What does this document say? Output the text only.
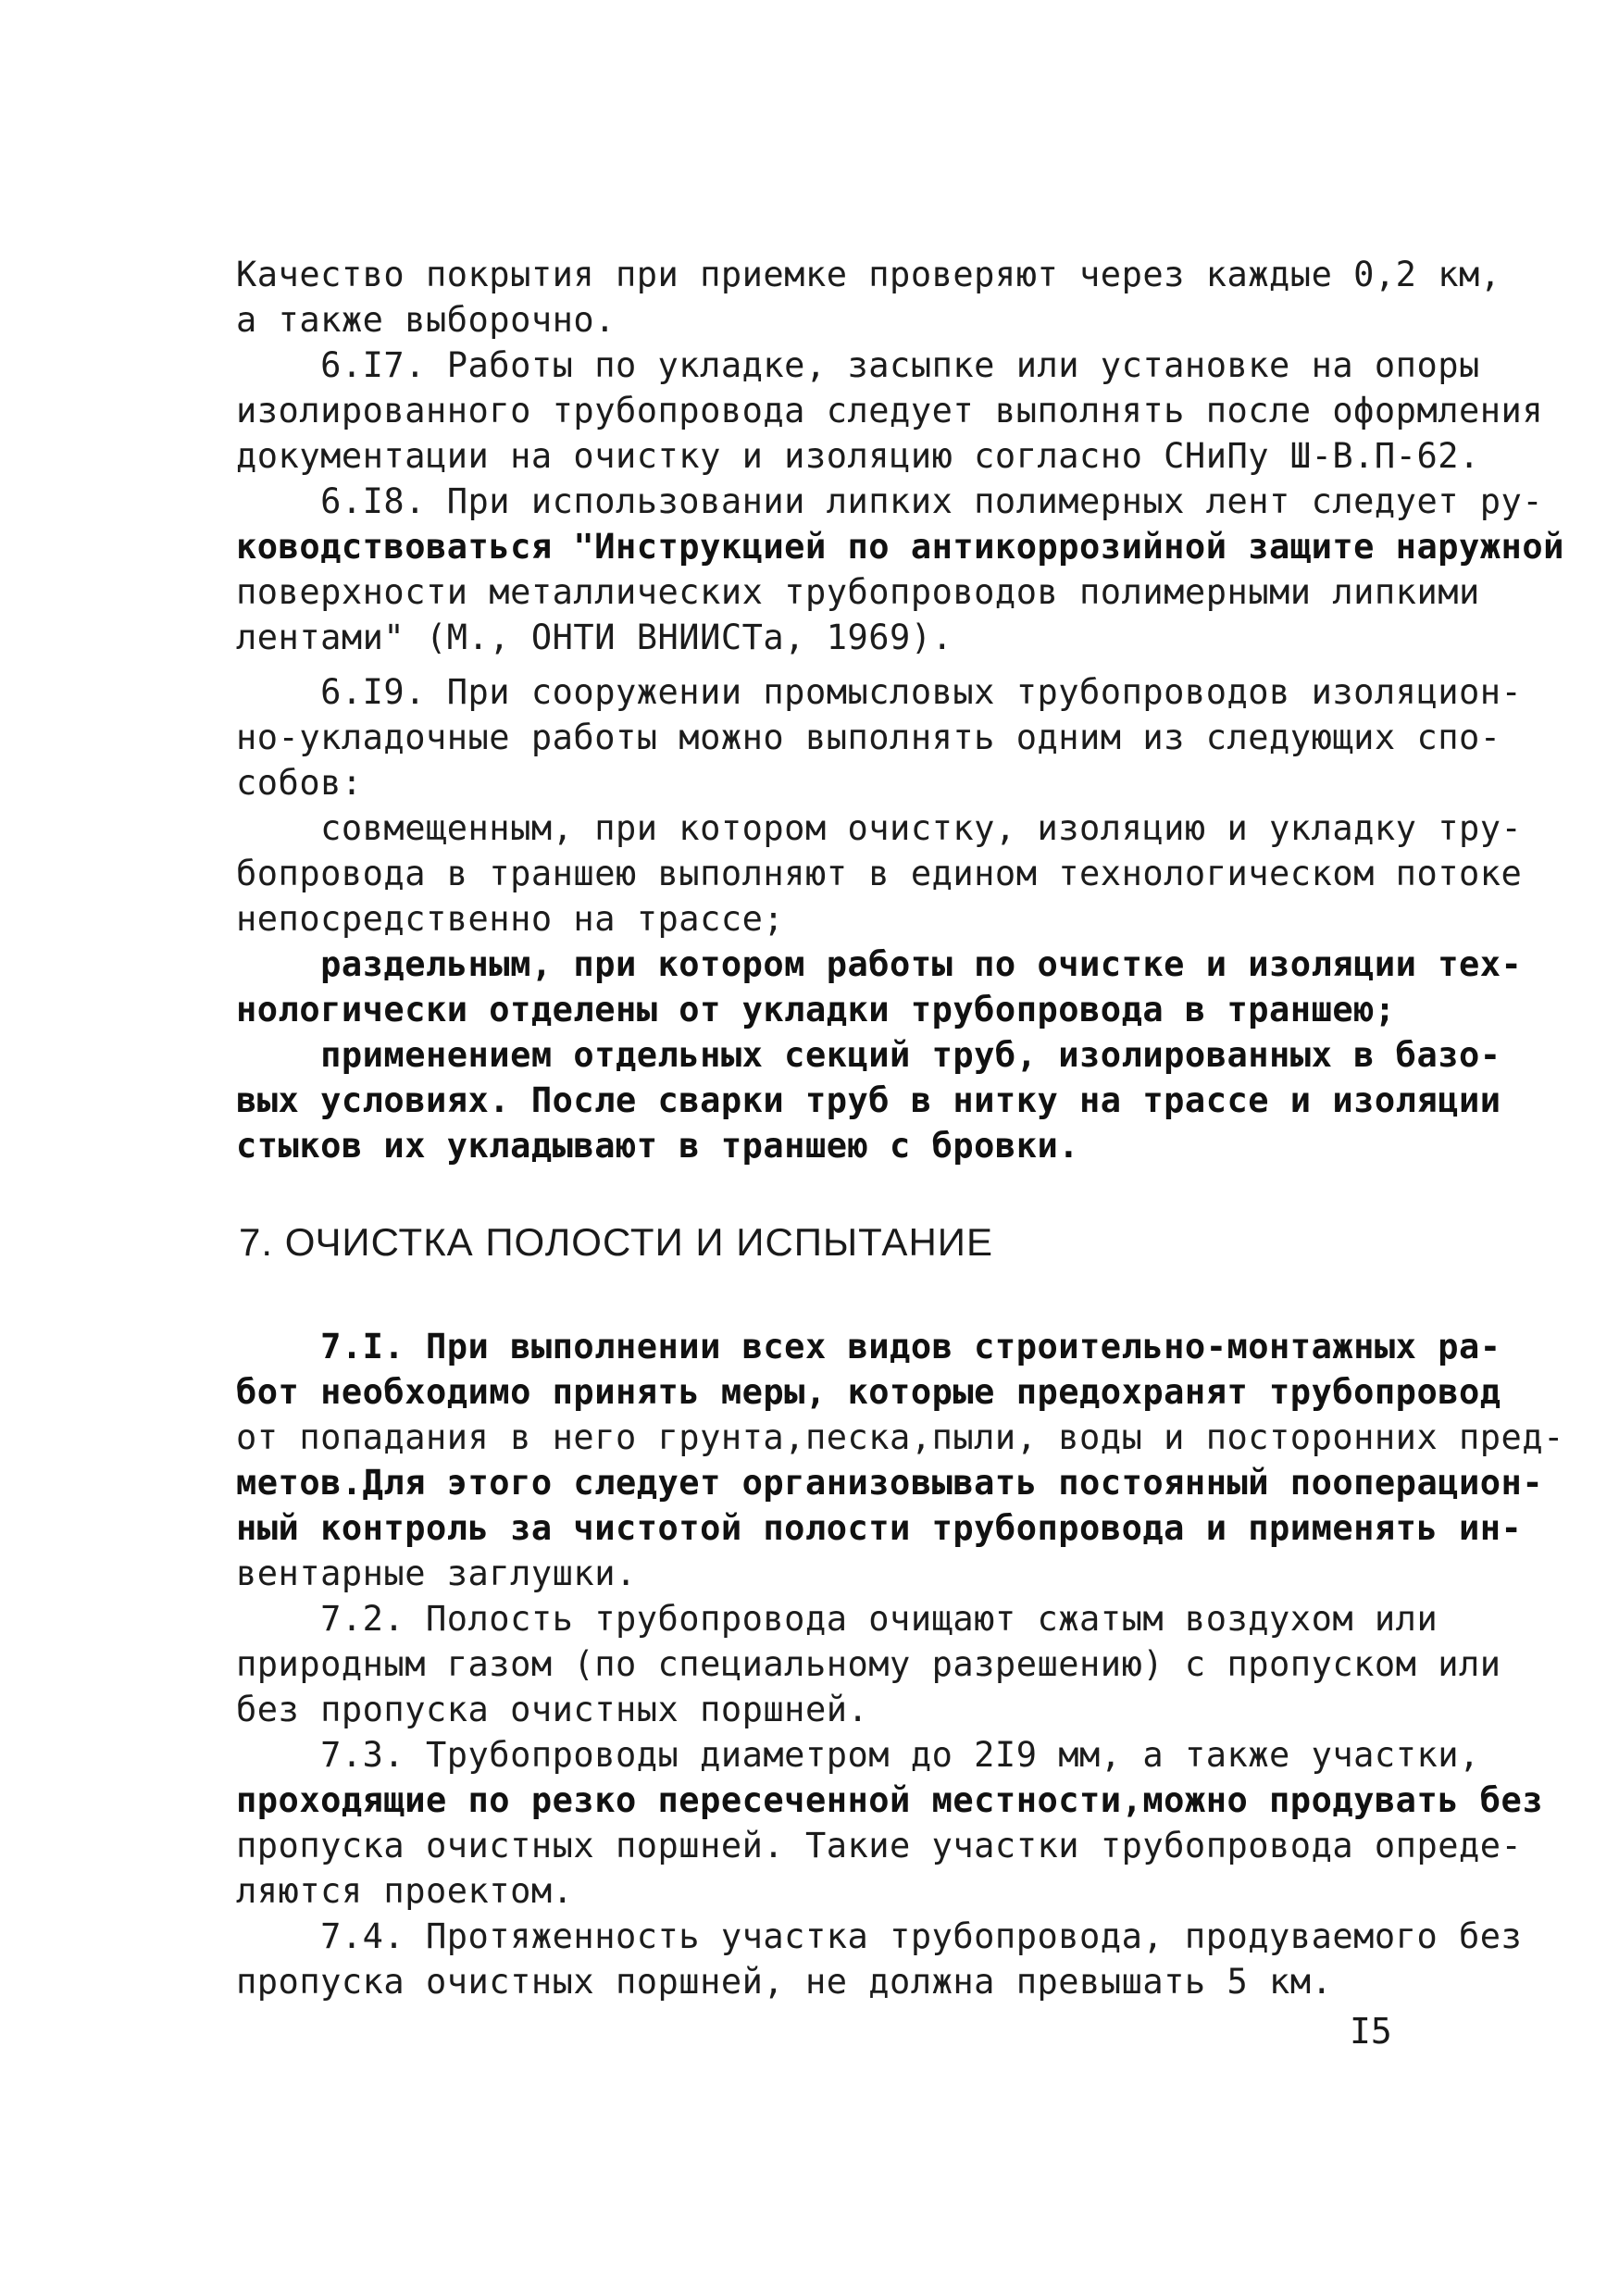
Качество покрытия при приемке проверяют через каждые 0,2 км,
а также выборочно.
6.I7. Работы по укладке, засыпке или установке на опоры
изолированного трубопровода следует выполнять после оформления
документации на очистку и изоляцию согласно СНиПу Ш-В.П-62.
6.I8. При использовании липких полимерных лент следует ру-
ководствоваться "Инструкцией по антикоррозийной защите наружной
поверхности металлических трубопроводов полимерными липкими
лентами" (М., ОНТИ ВНИИСТа, 1969).
6.I9. При сооружении промысловых трубопроводов изоляцион-
но-укладочные работы можно выполнять одним из следующих спо-
собов:
совмещенным, при котором очистку, изоляцию и укладку тру-
бопровода в траншею выполняют в едином технологическом потоке
непосредственно на трассе;
раздельным, при котором работы по очистке и изоляции тех-
нологически отделены от укладки трубопровода в траншею;
применением отдельных секций труб, изолированных в базо-
вых условиях. После сварки труб в нитку на трассе и изоляции
стыков их укладывают в траншею с бровки.
7. ОЧИСТКА ПОЛОСТИ И ИСПЫТАНИЕ
7.I. При выполнении всех видов строительно-монтажных ра-
бот необходимо принять меры, которые предохранят трубопровод
от попадания в него грунта,песка,пыли, воды и посторонних пред-
метов.Для этого следует организовывать постоянный пооперацион-
ный контроль за чистотой полости трубопровода и применять ин-
вентарные заглушки.
7.2. Полость трубопровода очищают сжатым воздухом или
природным газом (по специальному разрешению) с пропуском или
без пропуска очистных поршней.
7.3. Трубопроводы диаметром до 2I9 мм, а также участки,
проходящие по резко пересеченной местности,можно продувать без
пропуска очистных поршней. Такие участки трубопровода опреде-
ляются проектом.
7.4. Протяженность участка трубопровода, продуваемого без
пропуска очистных поршней, не должна превышать 5 км.
I5
